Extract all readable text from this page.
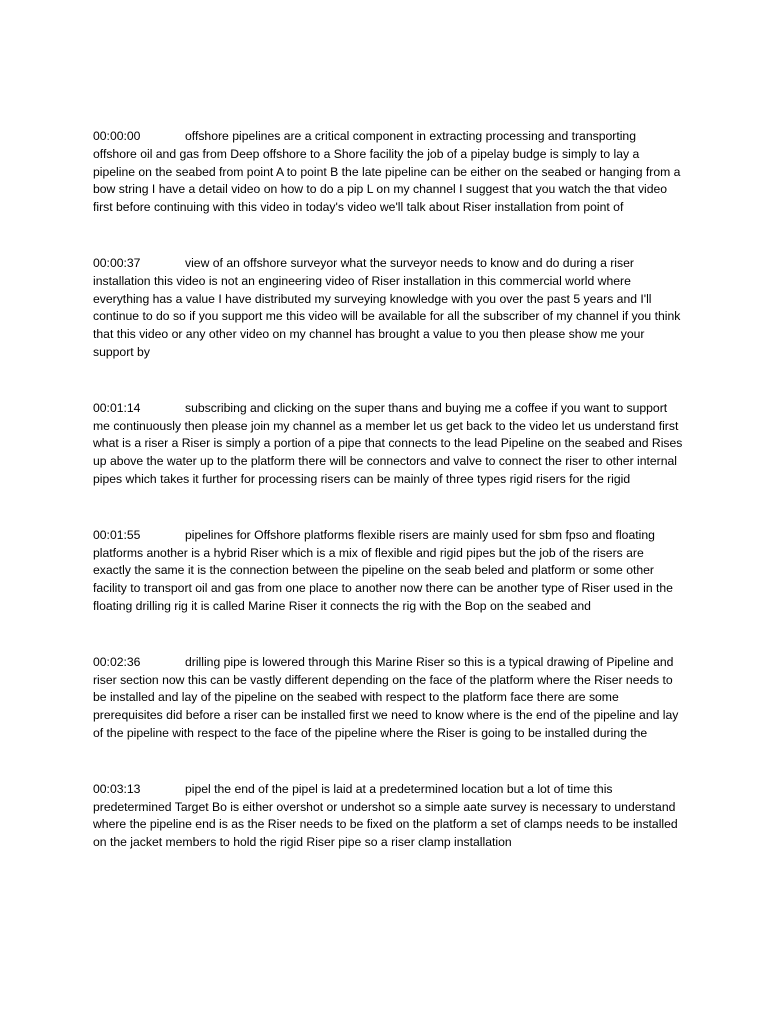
00:00:00	offshore pipelines are a critical component in extracting processing and transporting offshore oil and gas from Deep offshore to a Shore facility the job of a pipelay budge is simply to lay a pipeline on the seabed from point A to point B the late pipeline can be either on the seabed or hanging from a bow string I have a detail video on how to do a pip L on my channel I suggest that you watch the that video first before continuing with this video in today's video we'll talk about Riser installation from point of

00:00:37	view of an offshore surveyor what the surveyor needs to know and do during a riser installation this video is not an engineering video of Riser installation in this commercial world where everything has a value I have distributed my surveying knowledge with you over the past 5 years and I'll continue to do so if you support me this video will be available for all the subscriber of my channel if you think that this video or any other video on my channel has brought a value to you then please show me your support by

00:01:14	subscribing and clicking on the super thans and buying me a coffee if you want to support me continuously then please join my channel as a member let us get back to the video let us understand first what is a riser a Riser is simply a portion of a pipe that connects to the lead Pipeline on the seabed and Rises up above the water up to the platform there will be connectors and valve to connect the riser to other internal pipes which takes it further for processing risers can be mainly of three types rigid risers for the rigid

00:01:55	pipelines for Offshore platforms flexible risers are mainly used for sbm fpso and floating platforms another is a hybrid Riser which is a mix of flexible and rigid pipes but the job of the risers are exactly the same it is the connection between the pipeline on the seab beled and platform or some other facility to transport oil and gas from one place to another now there can be another type of Riser used in the floating drilling rig it is called Marine Riser it connects the rig with the Bop on the seabed and

00:02:36	drilling pipe is lowered through this Marine Riser so this is a typical drawing of Pipeline and riser section now this can be vastly different depending on the face of the platform where the Riser needs to be installed and lay of the pipeline on the seabed with respect to the platform face there are some prerequisites did before a riser can be installed first we need to know where is the end of the pipeline and lay of the pipeline with respect to the face of the pipeline where the Riser is going to be installed during the

00:03:13	pipel the end of the pipel is laid at a predetermined location but a lot of time this predetermined Target Bo is either overshot or undershot so a simple aate survey is necessary to understand where the pipeline end is as the Riser needs to be fixed on the platform a set of clamps needs to be installed on the jacket members to hold the rigid Riser pipe so a riser clamp installation
